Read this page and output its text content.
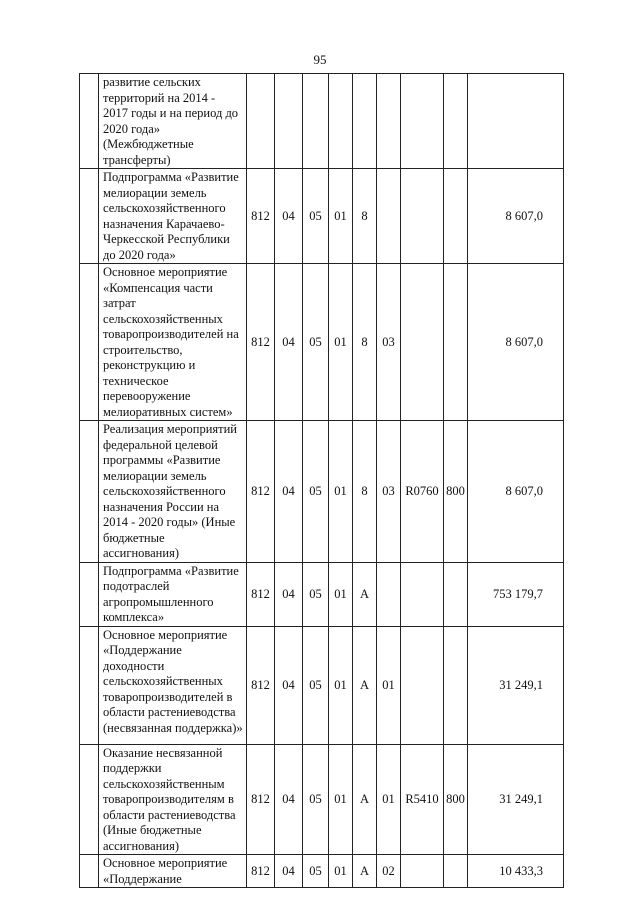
95
	развитие сельских территорий на 2014 - 2017 годы и на период до 2020 года» (Межбюджетные трансферты)									
	Подпрограмма «Развитие мелиорации земель сельскохозяйственного назначения Карачаево-Черкесской Республики до 2020 года»	812	04	05	01	8				8 607,0
	Основное мероприятие «Компенсация части затрат сельскохозяйственных товаропроизводителей на строительство, реконструкцию и техническое перевооружение мелиоративных систем»	812	04	05	01	8	03			8 607,0
	Реализация мероприятий федеральной целевой программы «Развитие мелиорации земель сельскохозяйственного назначения России на 2014 - 2020 годы» (Иные бюджетные ассигнования)	812	04	05	01	8	03	R0760	800	8 607,0
	Подпрограмма «Развитие подотраслей агропромышленного комплекса»	812	04	05	01	А				753 179,7
	Основное мероприятие «Поддержание доходности сельскохозяйственных товаропроизводителей в области растениеводства (несвязанная поддержка)»	812	04	05	01	А	01			31 249,1
	Оказание несвязанной поддержки сельскохозяйственным товаропроизводителям в области растениеводства (Иные бюджетные ассигнования)	812	04	05	01	А	01	R5410	800	31 249,1
	Основное мероприятие «Поддержание	812	04	05	01	А	02			10 433,3
